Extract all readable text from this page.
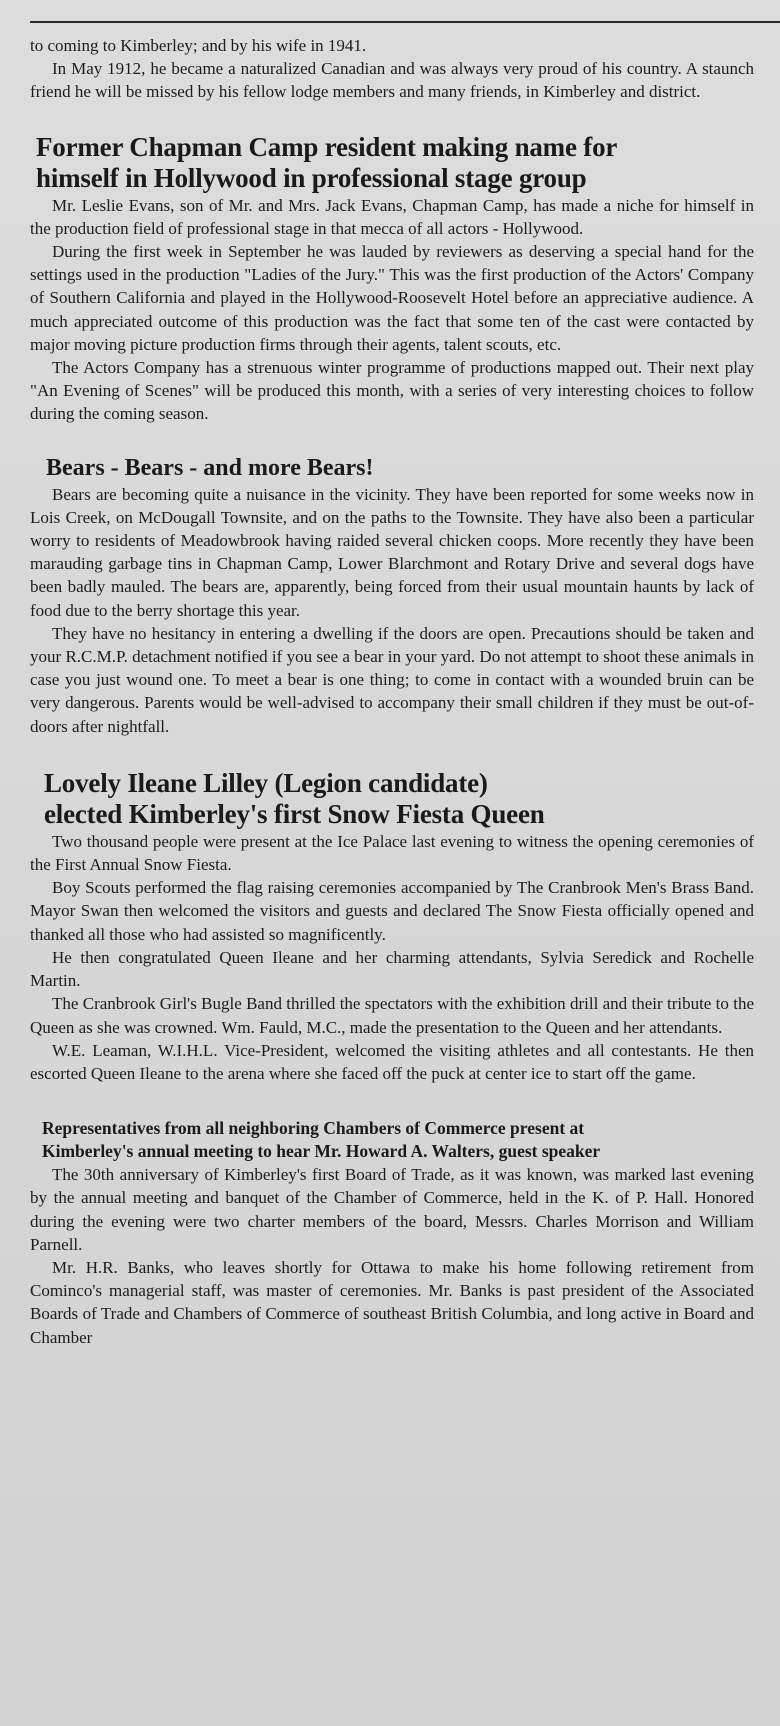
to coming to Kimberley; and by his wife in 1941.

In May 1912, he became a naturalized Canadian and was always very proud of his country. A staunch friend he will be missed by his fellow lodge members and many friends, in Kimberley and district.

Former Chapman Camp resident making name for
himself in Hollywood in professional stage group

Mr. Leslie Evans, son of Mr. and Mrs. Jack Evans, Chapman Camp, has made a niche for himself in the production field of professional stage in that mecca of all actors - Hollywood.

During the first week in September he was lauded by reviewers as deserving a special hand for the settings used in the production "Ladies of the Jury." This was the first production of the Actors' Company of Southern California and played in the Hollywood-Roosevelt Hotel before an appreciative audience. A much appreciated outcome of this production was the fact that some ten of the cast were contacted by major moving picture production firms through their agents, talent scouts, etc.

The Actors Company has a strenuous winter programme of productions mapped out. Their next play "An Evening of Scenes" will be produced this month, with a series of very interesting choices to follow during the coming season.

Bears - Bears - and more Bears!

Bears are becoming quite a nuisance in the vicinity. They have been reported for some weeks now in Lois Creek, on McDougall Townsite, and on the paths to the Townsite. They have also been a particular worry to residents of Meadowbrook having raided several chicken coops. More recently they have been marauding garbage tins in Chapman Camp, Lower Blarchmont and Rotary Drive and several dogs have been badly mauled. The bears are, apparently, being forced from their usual mountain haunts by lack of food due to the berry shortage this year.

They have no hesitancy in entering a dwelling if the doors are open. Precautions should be taken and your R.C.M.P. detachment notified if you see a bear in your yard. Do not attempt to shoot these animals in case you just wound one. To meet a bear is one thing; to come in contact with a wounded bruin can be very dangerous. Parents would be well-advised to accompany their small children if they must be out-of-doors after nightfall.

Lovely Ileane Lilley (Legion candidate)
elected Kimberley's first Snow Fiesta Queen

Two thousand people were present at the Ice Palace last evening to witness the opening ceremonies of the First Annual Snow Fiesta.

Boy Scouts performed the flag raising ceremonies accompanied by The Cranbrook Men's Brass Band. Mayor Swan then welcomed the visitors and guests and declared The Snow Fiesta officially opened and thanked all those who had assisted so magnificently.

He then congratulated Queen Ileane and her charming attendants, Sylvia Seredick and Rochelle Martin.

The Cranbrook Girl's Bugle Band thrilled the spectators with the exhibition drill and their tribute to the Queen as she was crowned. Wm. Fauld, M.C., made the presentation to the Queen and her attendants.

W.E. Leaman, W.I.H.L. Vice-President, welcomed the visiting athletes and all contestants. He then escorted Queen Ileane to the arena where she faced off the puck at center ice to start off the game.

Representatives from all neighboring Chambers of Commerce present at
Kimberley's annual meeting to hear Mr. Howard A. Walters, guest speaker

The 30th anniversary of Kimberley's first Board of Trade, as it was known, was marked last evening by the annual meeting and banquet of the Chamber of Commerce, held in the K. of P. Hall. Honored during the evening were two charter members of the board, Messrs. Charles Morrison and William Parnell.

Mr. H.R. Banks, who leaves shortly for Ottawa to make his home following retirement from Cominco's managerial staff, was master of ceremonies. Mr. Banks is past president of the Associated Boards of Trade and Chambers of Commerce of southeast British Columbia, and long active in Board and Chamber
